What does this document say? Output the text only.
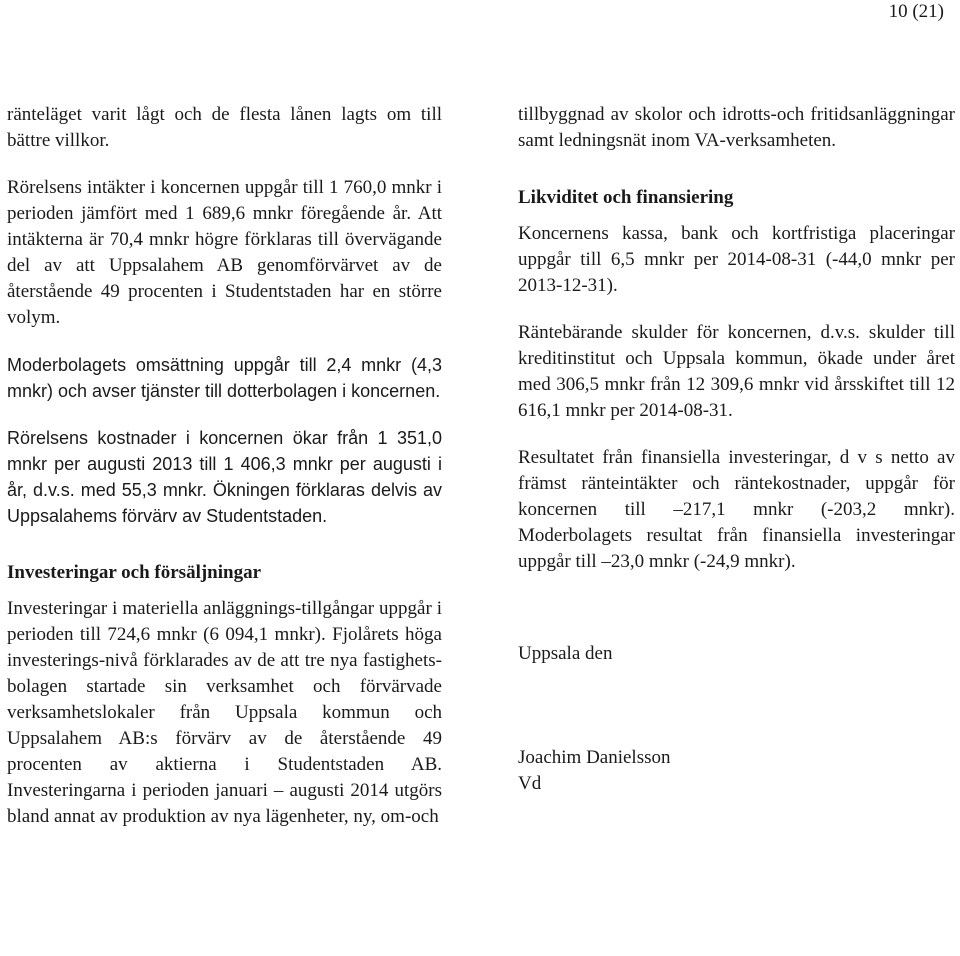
10 (21)

ränteläget varit lågt och de flesta lånen lagts om till bättre villkor.

Rörelsens intäkter i koncernen uppgår till 1 760,0 mnkr i perioden jämfört med 1 689,6 mnkr föregående år. Att intäkterna är 70,4 mnkr högre förklaras till övervägande del av att Uppsalahem AB genomförvärvet av de återstående 49 procenten i Studentstaden har en större volym.

Moderbolagets omsättning uppgår till 2,4 mnkr (4,3 mnkr) och avser tjänster till dotterbolagen i koncernen.

Rörelsens kostnader i koncernen ökar från 1 351,0 mnkr per augusti 2013 till 1 406,3 mnkr per augusti i år, d.v.s. med 55,3 mnkr. Ökningen förklaras delvis av Uppsalahems förvärv av Studentstaden.

Investeringar och försäljningar

Investeringar i materiella anläggnings-tillgångar uppgår i perioden till 724,6 mnkr (6 094,1 mnkr). Fjolårets höga investerings-nivå förklarades av de att tre nya fastighets-bolagen startade sin verksamhet och förvärvade verksamhetslokaler från Uppsala kommun och Uppsalahem AB:s förvärv av de återstående 49 procenten av aktierna i Studentstaden AB. Investeringarna i perioden januari – augusti 2014 utgörs bland annat av produktion av nya lägenheter, ny, om-och

tillbyggnad av skolor och idrotts-och fritidsanläggningar samt ledningsnät inom VA-verksamheten.

Likviditet och finansiering

Koncernens kassa, bank och kortfristiga placeringar uppgår till 6,5 mnkr per 2014-08-31 (-44,0 mnkr per 2013-12-31).

Räntebärande skulder för koncernen, d.v.s. skulder till kreditinstitut och Uppsala kommun, ökade under året med 306,5 mnkr från 12 309,6 mnkr vid årsskiftet till 12 616,1 mnkr per 2014-08-31.

Resultatet från finansiella investeringar, d v s netto av främst ränteintäkter och räntekostnader, uppgår för koncernen till –217,1 mnkr (-203,2 mnkr). Moderbolagets resultat från finansiella investeringar uppgår till –23,0 mnkr (-24,9 mnkr).

Uppsala den

Joachim Danielsson

Vd
